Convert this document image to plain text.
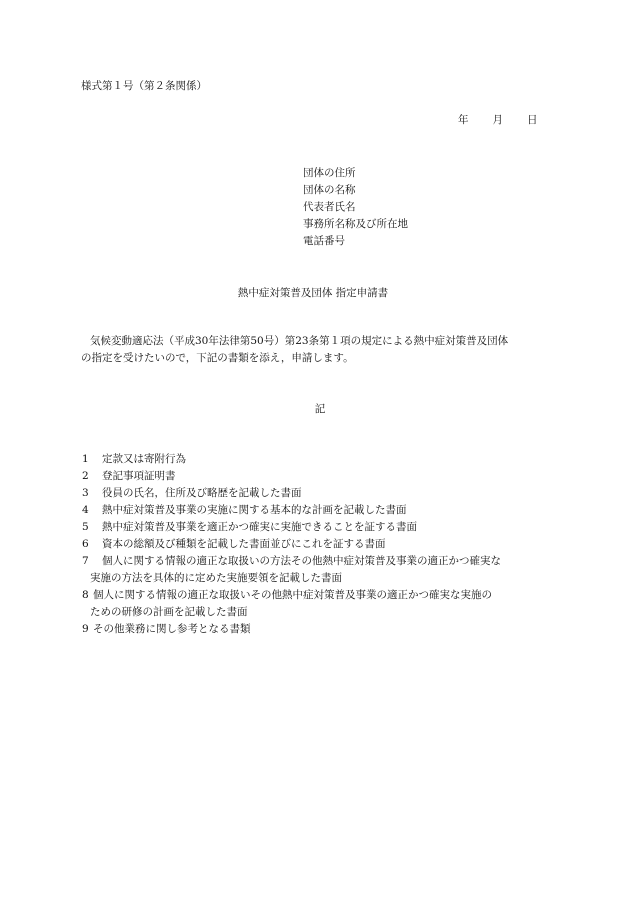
様式第１号（第２条関係）
年 月 日
団体の住所
団体の名称
代表者氏名
事務所名称及び所在地
電話番号
熱中症対策普及団体 指定申請書
気候変動適応法（平成30年法律第50号）第23条第１項の規定による熱中症対策普及団体
の指定を受けたいので，下記の書類を添え，申請します。
記
1	定款又は寄附行為
2	登記事項証明書
3	役員の氏名，住所及び略歴を記載した書面
4	熱中症対策普及事業の実施に関する基本的な計画を記載した書面
5	熱中症対策普及事業を適正かつ確実に実施できることを証する書面
6	資本の総額及び種類を記載した書面並びにこれを証する書面
7	個人に関する情報の適正な取扱いの方法その他熱中症対策普及事業の適正かつ確実な
実施の方法を具体的に定めた実施要領を記載した書面
8 個人に関する情報の適正な取扱いその他熱中症対策普及事業の適正かつ確実な実施の
ための研修の計画を記載した書面
9 その他業務に関し参考となる書類
